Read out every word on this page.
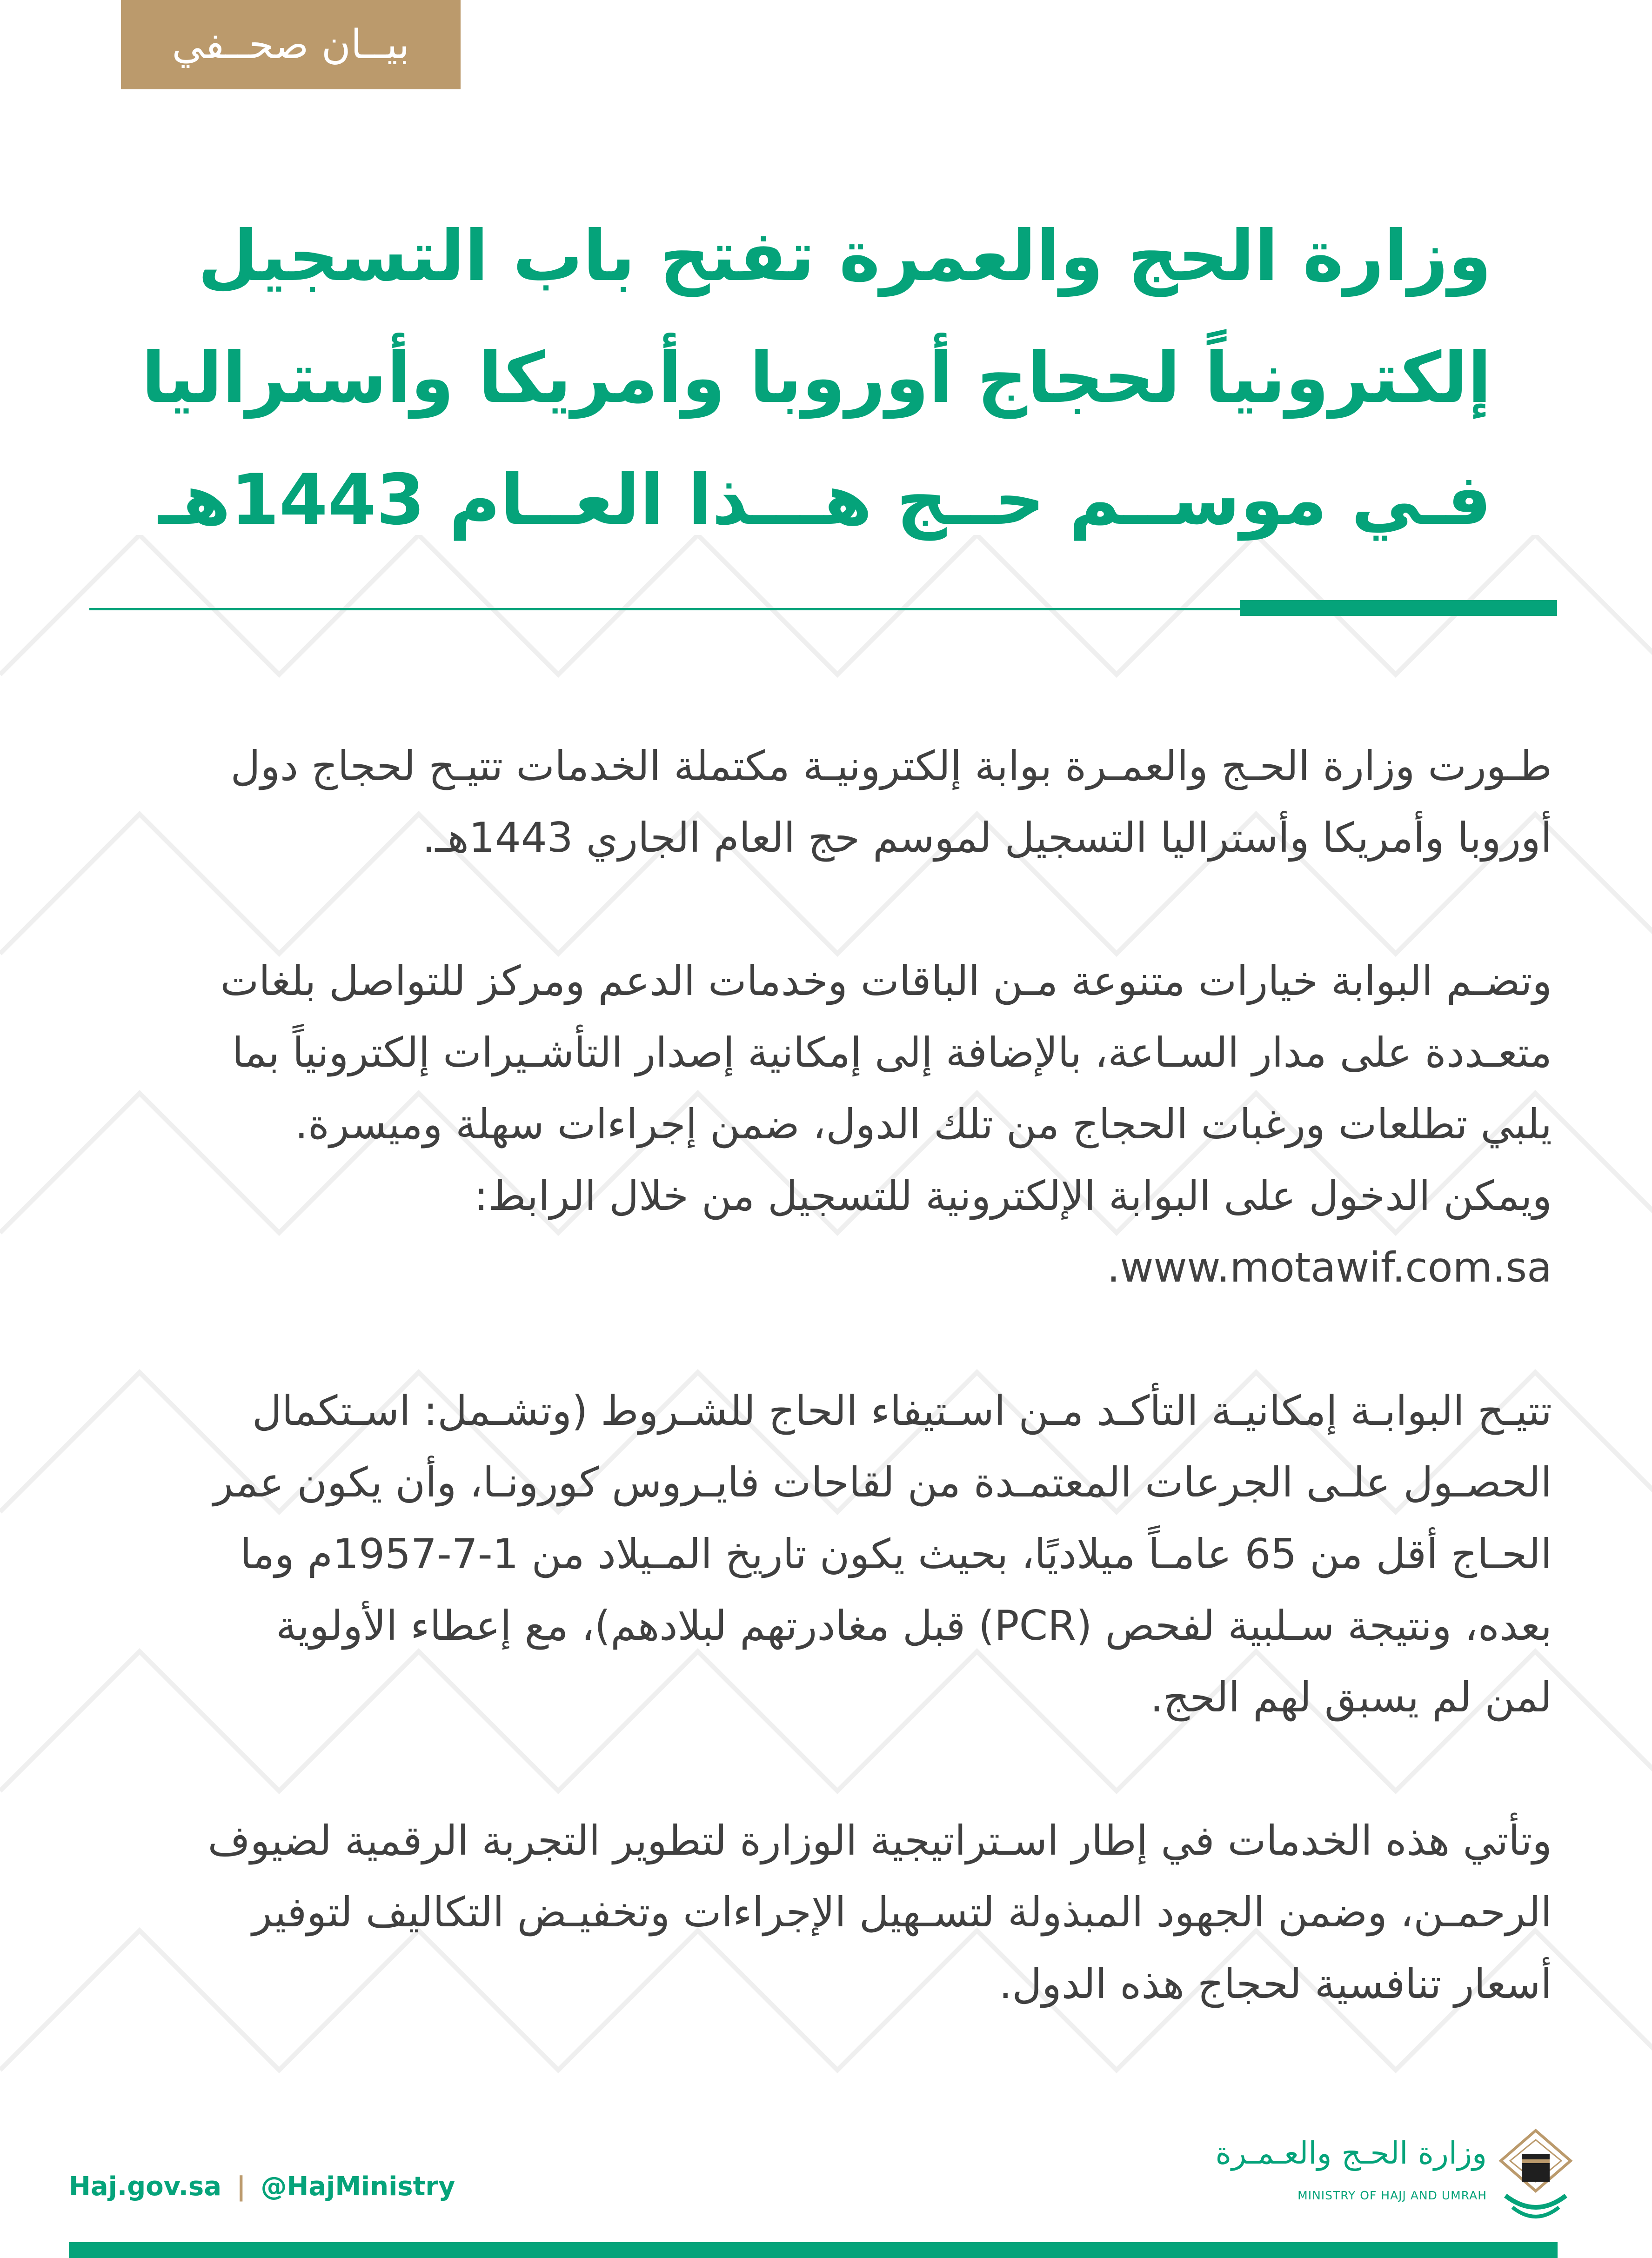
بيــان صحــفي
وزارة الحج والعمرة تفتح باب التسجيل
إلكترونياً لحجاج أوروبا وأمريكا وأستراليا
فـي موســم حــج هـــذا العــام 1443هـ

طـورت وزارة الحـج والعمـرة بوابة إلكترونيـة مكتملة الخدمات تتيـح لحجاج دول
أوروبا وأمريكا وأستراليا التسجيل لموسم حج العام الجاري 1443هـ.

وتضـم البوابة خيارات متنوعة مـن الباقات وخدمات الدعم ومركز للتواصل بلغات
متعـددة على مدار السـاعة، بالإضافة إلى إمكانية إصدار التأشـيرات إلكترونياً بما
يلبي تطلعات ورغبات الحجاج من تلك الدول، ضمن إجراءات سهلة وميسرة.
ويمكن الدخول على البوابة الإلكترونية للتسجيل من خلال الرابط:
www.motawif.com.sa.

تتيـح البوابـة إمكانيـة التأكـد مـن اسـتيفاء الحاج للشـروط (وتشـمل: اسـتكمال
الحصـول علـى الجرعات المعتمـدة من لقاحات فايـروس كورونـا، وأن يكون عمر
الحـاج أقل من 65 عامـاً ميلاديًا، بحيث يكون تاريخ المـيلاد من 1-7-1957م وما
بعده، ونتيجة سـلبية لفحص (PCR) قبل مغادرتهم لبلادهم)، مع إعطاء الأولوية
لمن لم يسبق لهم الحج.

وتأتي هذه الخدمات في إطار اسـتراتيجية الوزارة لتطوير التجربة الرقمية لضيوف
الرحمـن، وضمن الجهود المبذولة لتسـهيل الإجراءات وتخفيـض التكاليف لتوفير
أسعار تنافسية لحجاج هذه الدول.

Haj.gov.sa | @HajMinistry
وزارة الحـج والعـمـرة
MINISTRY OF HAJJ AND UMRAH
